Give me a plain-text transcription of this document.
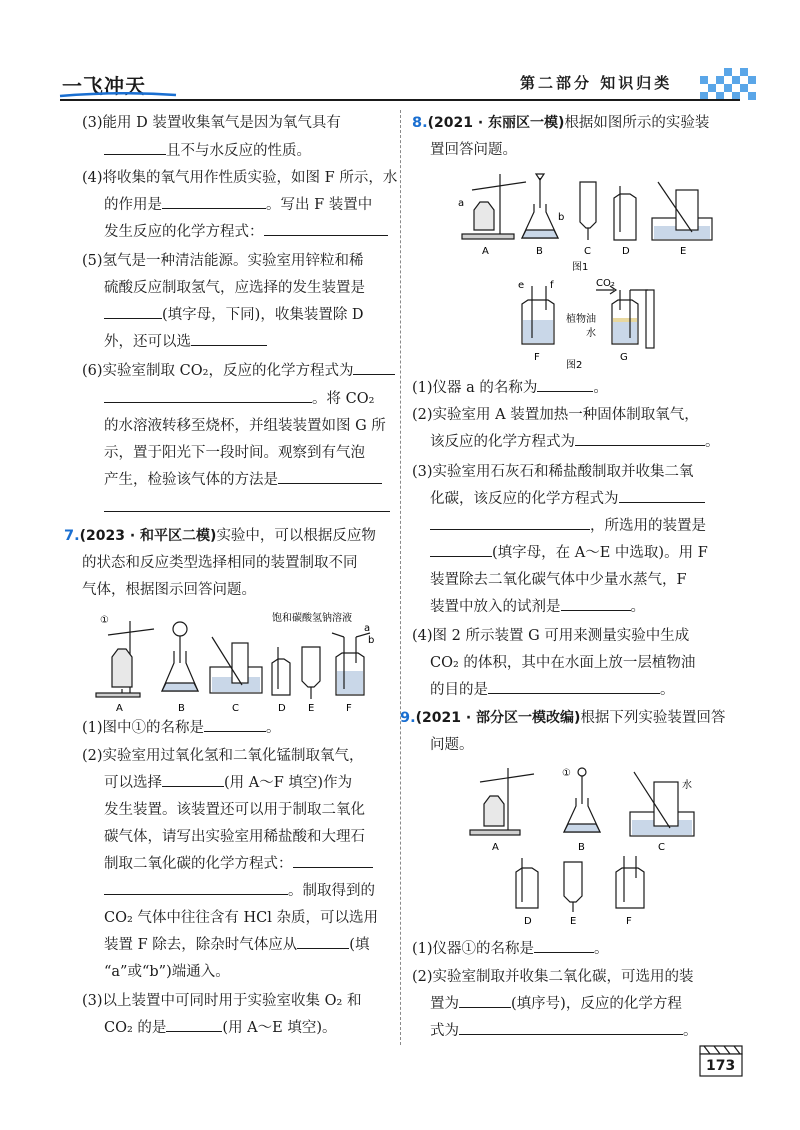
一飞冲天	第二部分 知识归类
(3)能用 D 装置收集氧气是因为氧气具有
且不与水反应的性质。
(4)将收集的氧气用作性质实验，如图 F 所示，水
的作用是	。写出 F 装置中
发生反应的化学方程式：
(5)氢气是一种清洁能源。实验室用锌粒和稀
硫酸反应制取氢气，应选择的发生装置是
(填字母，下同)，收集装置除 D
外，还可以选
(6)实验室制取 CO₂，反应的化学方程式为
。将 CO₂
的水溶液转移至烧杯，并组装装置如图 G 所
示，置于阳光下一段时间。观察到有气泡
产生，检验该气体的方法是
7.(2023 · 和平区二模)实验中，可以根据反应物
的状态和反应类型选择相同的装置制取不同
气体，根据图示回答问题。
①
a
b
饱和碳酸氢钠溶液
A	B	C	D E	F
(1)图中①的名称是	。
(2)实验室用过氧化氢和二氧化锰制取氧气，
可以选择	(用 A～F 填空)作为
发生装置。该装置还可以用于制取二氧化
碳气体，请写出实验室用稀盐酸和大理石
制取二氧化碳的化学方程式：
。制取得到的
CO₂ 气体中往往含有 HCl 杂质，可以选用
装置 F 除去，除杂时气体应从	(填
“a”或“b”)端通入。
(3)以上装置中可同时用于实验室收集 O₂ 和
CO₂ 的是	(用 A～E 填空)。
8.(2021 · 东丽区一模)根据如图所示的实验装
置回答问题。
a
b
A	B	C	D	E
图1
e	f	CO₂
植物油
水
F	G
图2
(1)仪器 a 的名称为	。
(2)实验室用 A 装置加热一种固体制取氧气，
该反应的化学方程式为	。
(3)实验室用石灰石和稀盐酸制取并收集二氧
化碳，该反应的化学方程式为
，所选用的装置是
(填字母，在 A～E 中选取)。用 F
装置除去二氧化碳气体中少量水蒸气，F
装置中放入的试剂是	。
(4)图 2 所示装置 G 可用来测量实验中生成
CO₂ 的体积，其中在水面上放一层植物油
的目的是	。
9.(2021 · 部分区一模改编)根据下列实验装置回答
问题。
①
水
A	B	C
D	E	F
(1)仪器①的名称是	。
(2)实验室制取并收集二氧化碳，可选用的装
置为	(填序号)，反应的化学方程
式为	。
173
